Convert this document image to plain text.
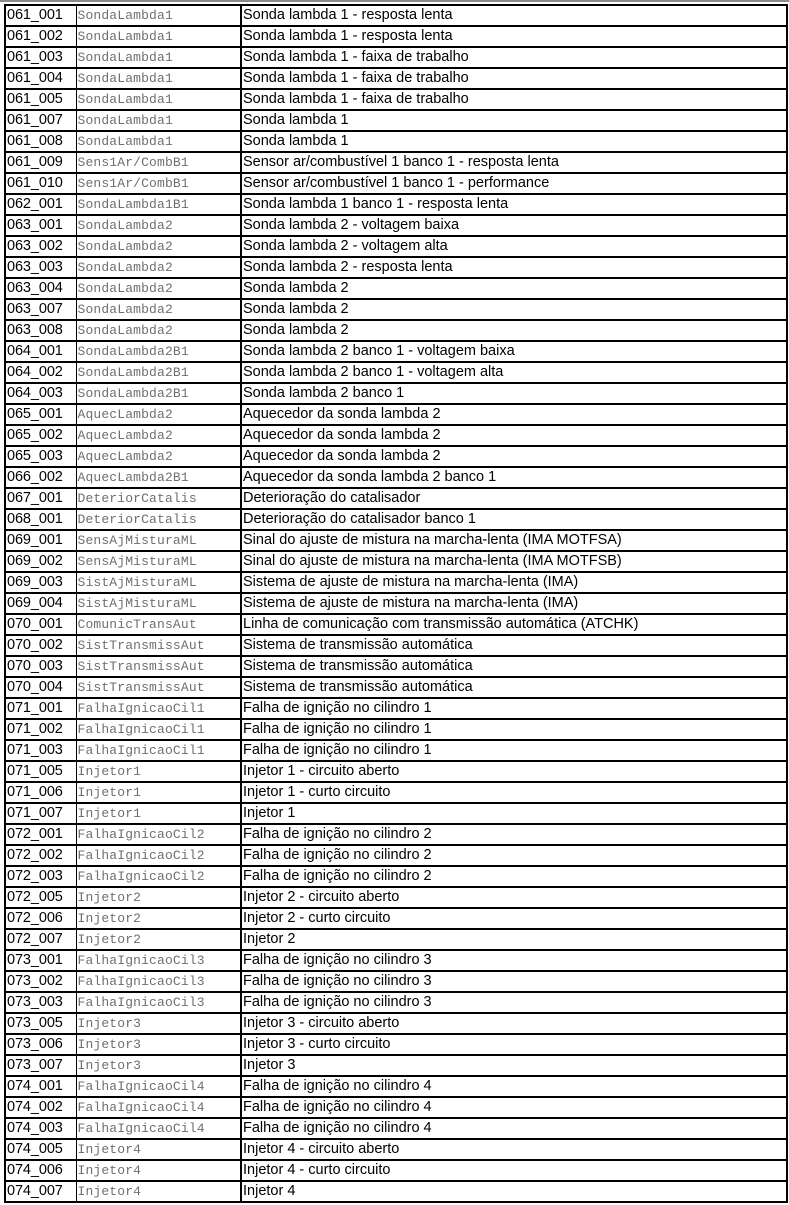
061_001	SondaLambda1	Sonda lambda 1 - resposta lenta
061_002	SondaLambda1	Sonda lambda 1 - resposta lenta
061_003	SondaLambda1	Sonda lambda 1 - faixa de trabalho
061_004	SondaLambda1	Sonda lambda 1 - faixa de trabalho
061_005	SondaLambda1	Sonda lambda 1 - faixa de trabalho
061_007	SondaLambda1	Sonda lambda 1
061_008	SondaLambda1	Sonda lambda 1
061_009	Sens1Ar/CombB1	Sensor ar/combustível 1 banco 1 - resposta lenta
061_010	Sens1Ar/CombB1	Sensor ar/combustível 1 banco 1 - performance
062_001	SondaLambda1B1	Sonda lambda 1 banco 1 - resposta lenta
063_001	SondaLambda2	Sonda lambda 2 - voltagem baixa
063_002	SondaLambda2	Sonda lambda 2 - voltagem alta
063_003	SondaLambda2	Sonda lambda 2 - resposta lenta
063_004	SondaLambda2	Sonda lambda 2
063_007	SondaLambda2	Sonda lambda 2
063_008	SondaLambda2	Sonda lambda 2
064_001	SondaLambda2B1	Sonda lambda 2 banco 1 - voltagem baixa
064_002	SondaLambda2B1	Sonda lambda 2 banco 1 - voltagem alta
064_003	SondaLambda2B1	Sonda lambda 2 banco 1
065_001	AquecLambda2	Aquecedor da sonda lambda 2
065_002	AquecLambda2	Aquecedor da sonda lambda 2
065_003	AquecLambda2	Aquecedor da sonda lambda 2
066_002	AquecLambda2B1	Aquecedor da sonda lambda 2 banco 1
067_001	DeteriorCatalis	Deterioração do catalisador
068_001	DeteriorCatalis	Deterioração do catalisador banco 1
069_001	SensAjMisturaML	Sinal do ajuste de mistura na marcha-lenta (IMA MOTFSA)
069_002	SensAjMisturaML	Sinal do ajuste de mistura na marcha-lenta (IMA MOTFSB)
069_003	SistAjMisturaML	Sistema de ajuste de mistura na marcha-lenta (IMA)
069_004	SistAjMisturaML	Sistema de ajuste de mistura na marcha-lenta (IMA)
070_001	ComunicTransAut	Linha de comunicação com transmissão automática (ATCHK)
070_002	SistTransmissAut	Sistema de transmissão automática
070_003	SistTransmissAut	Sistema de transmissão automática
070_004	SistTransmissAut	Sistema de transmissão automática
071_001	FalhaIgnicaoCil1	Falha de ignição no cilindro 1
071_002	FalhaIgnicaoCil1	Falha de ignição no cilindro 1
071_003	FalhaIgnicaoCil1	Falha de ignição no cilindro 1
071_005	Injetor1	Injetor 1 - circuito aberto
071_006	Injetor1	Injetor 1 - curto circuito
071_007	Injetor1	Injetor 1
072_001	FalhaIgnicaoCil2	Falha de ignição no cilindro 2
072_002	FalhaIgnicaoCil2	Falha de ignição no cilindro 2
072_003	FalhaIgnicaoCil2	Falha de ignição no cilindro 2
072_005	Injetor2	Injetor 2 - circuito aberto
072_006	Injetor2	Injetor 2 - curto circuito
072_007	Injetor2	Injetor 2
073_001	FalhaIgnicaoCil3	Falha de ignição no cilindro 3
073_002	FalhaIgnicaoCil3	Falha de ignição no cilindro 3
073_003	FalhaIgnicaoCil3	Falha de ignição no cilindro 3
073_005	Injetor3	Injetor 3 - circuito aberto
073_006	Injetor3	Injetor 3 - curto circuito
073_007	Injetor3	Injetor 3
074_001	FalhaIgnicaoCil4	Falha de ignição no cilindro 4
074_002	FalhaIgnicaoCil4	Falha de ignição no cilindro 4
074_003	FalhaIgnicaoCil4	Falha de ignição no cilindro 4
074_005	Injetor4	Injetor 4 - circuito aberto
074_006	Injetor4	Injetor 4 - curto circuito
074_007	Injetor4	Injetor 4
